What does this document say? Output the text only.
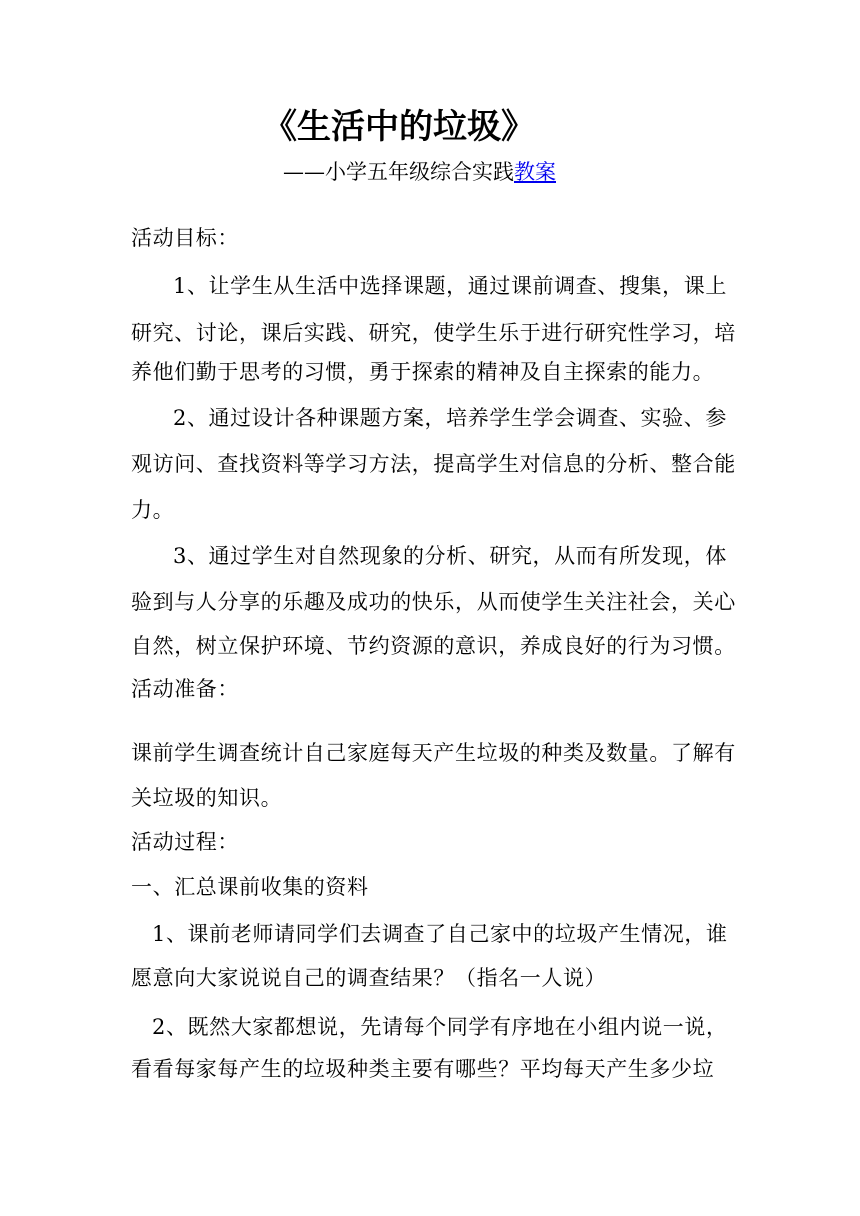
《生活中的垃圾》
——小学五年级综合实践教案
活动目标：
1、让学生从生活中选择课题，通过课前调查、搜集，课上
研究、讨论，课后实践、研究，使学生乐于进行研究性学习，培
养他们勤于思考的习惯，勇于探索的精神及自主探索的能力。
2、通过设计各种课题方案，培养学生学会调查、实验、参
观访问、查找资料等学习方法，提高学生对信息的分析、整合能
力。
3、通过学生对自然现象的分析、研究，从而有所发现，体
验到与人分享的乐趣及成功的快乐，从而使学生关注社会，关心
自然，树立保护环境、节约资源的意识，养成良好的行为习惯。
活动准备：
课前学生调查统计自己家庭每天产生垃圾的种类及数量。了解有
关垃圾的知识。
活动过程：
一、汇总课前收集的资料
1、课前老师请同学们去调查了自己家中的垃圾产生情况，谁
愿意向大家说说自己的调查结果？（指名一人说）
2、既然大家都想说，先请每个同学有序地在小组内说一说，
看看每家每产生的垃圾种类主要有哪些？平均每天产生多少垃
